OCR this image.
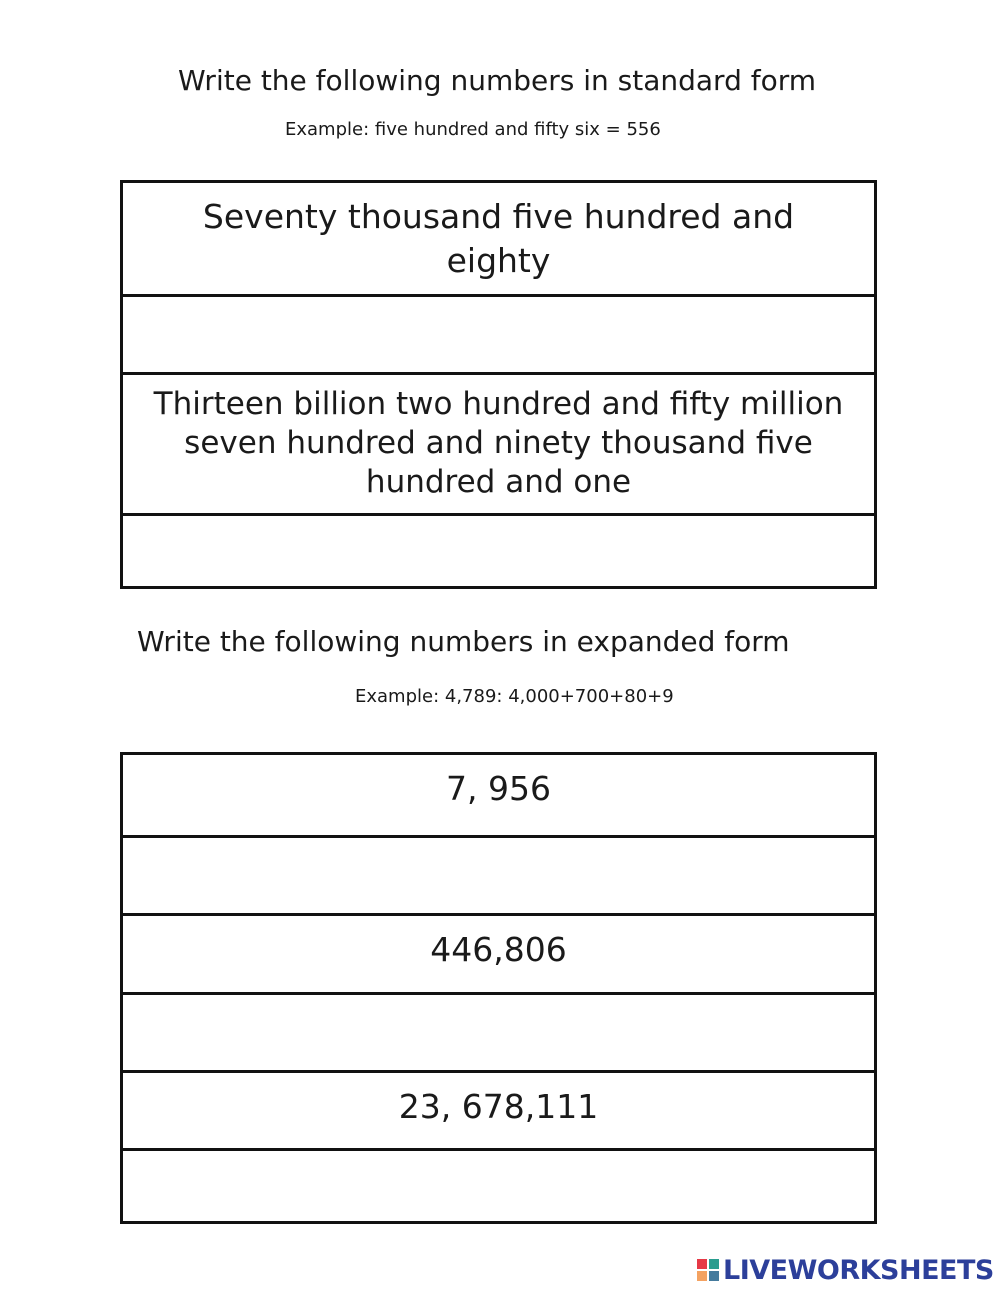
Write the following numbers in standard form
Example: five hundred and fifty six = 556
Seventy thousand five hundred and eighty
Thirteen billion two hundred and fifty million seven hundred and ninety thousand five hundred and one
Write the following numbers in expanded form
Example: 4,789: 4,000+700+80+9
7, 956
446,806
23, 678,111
LIVEWORKSHEETS
